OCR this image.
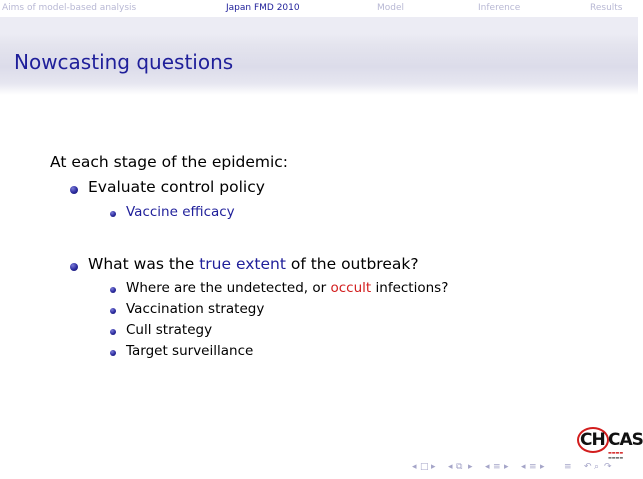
Aims of model-based analysis	Japan FMD 2010	Model	Inference	Results
Nowcasting questions
At each stage of the epidemic:
Evaluate control policy
Vaccine efficacy
What was the true extent of the outbreak?
Where are the undetected, or occult infections?
Vaccination strategy
Cull strategy
Target surveillance
CH CAS
▬▬▬▬
▬▬▬▬
◂ □ ▸ ◂ ⧉ ▸ ◂ ≡ ▸ ◂ ≡ ▸ ≡ ↶ ⌕ ↷
